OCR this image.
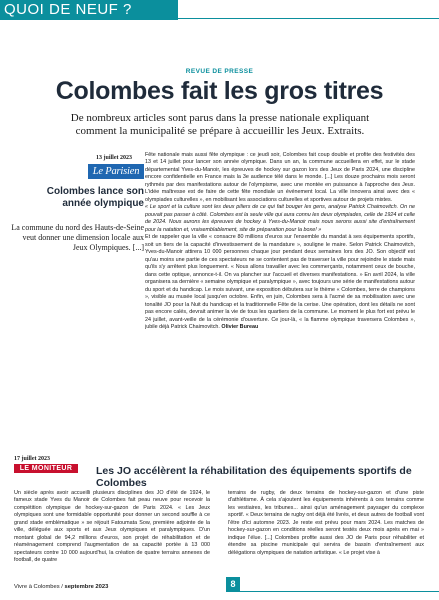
QUOI DE NEUF ?
REVUE DE PRESSE
Colombes fait les gros titres
De nombreux articles sont parus dans la presse nationale expliquant comment la municipalité se prépare à accueillir les Jeux. Extraits.
13 juillet 2023
Le Parisien
Colombes lance son année olympique
La commune du nord des Hauts-de-Seine veut donner une dimension locale aux Jeux Olympiques. [...]

Fête nationale mais aussi fête olympique : ce jeudi soir, Colombes fait coup double et profite des festivités des 13 et 14 juillet pour lancer son année olympique. Dans un an, la commune accueillera en effet, sur le stade départemental Yves-du-Manoir, les épreuves de hockey sur gazon lors des Jeux de Paris 2024, une discipline encore confidentielle en France mais la 3e audience télé dans le monde. [...] Les douze prochains mois seront rythmés par des manifestations autour de l'olympisme, avec une montée en puissance à l'approche des Jeux. L'idée maîtresse est de faire de cette fête mondiale un événement local. La ville innovera ainsi avec des « olympiades culturelles », en mobilisant les associations culturelles et sportives autour de projets mixtes.

« Le sport et la culture sont les deux piliers de ce qui fait bouger les gens, analyse Patrick Chaimovitch. On ne pouvait pas passer à côté. Colombes est la seule ville qui aura connu les deux olympiades, celle de 1924 et celle de 2024. Nous aurons les épreuves de hockey à Yves-du-Manoir mais nous serons aussi site d'entraînement pour la natation et, vraisemblablement, site de préparation pour la boxe! »

Et de rappeler que la ville « consacre 80 millions d'euros sur l'ensemble du mandat à ses équipements sportifs, soit un tiers de la capacité d'investissement de la mandature », souligne le maire. Selon Patrick Chaimovitch, Yves-du-Manoir attirera 10 000 personnes chaque jour pendant deux semaines lors des JO. Son objectif est qu'au moins une partie de ces spectateurs ne se contentent pas de traverser la ville pour rejoindre le stade mais qu'ils s'y arrêtent plus longuement. « Nous allons travailler avec les commerçants, notamment ceux de bouche, dans cette optique, annonce-t-il. On va plancher sur l'accueil et diverses manifestations. » En avril 2024, la ville organisera sa dernière « semaine olympique et paralympique », avec toujours une série de manifestations autour du sport et du handicap. Le mois suivant, une exposition débutera sur le thème « Colombes, terre de champions », visible au musée local jusqu'en octobre. Enfin, en juin, Colombes sera à l'acmé de sa mobilisation avec une tonalité JO pour la Nuit du handicap et la traditionnelle Fête de la cerise. Une opération, dont les détails ne sont pas encore calés, devrait animer la vie de tous les quartiers de la commune. Le moment le plus fort est prévu le 24 juillet, avant-veille de la cérémonie d'ouverture. Ce jour-là, « la flamme olympique traversera Colombes », jubile déjà Patrick Chaimovitch. Olivier Bureau

17 juillet 2023
LE MONITEUR	Les JO accélèrent la réhabilitation des équipements sportifs de Colombes

Un siècle après avoir accueilli plusieurs disciplines des JO d'été de 1924, le fameux stade Yves du Manoir de Colombes fait peau neuve pour recevoir la compétition olympique de hockey-sur-gazon de Paris 2024. « Les Jeux olympiques sont une formidable opportunité pour donner un second souffle à ce grand stade emblématique » se réjouit Fatoumata Sow, première adjointe de la ville, déléguée aux sports et aux Jeux olympiques et paralympiques. D'un montant global de 94,2 millions d'euros, son projet de réhabilitation et de réaménagement comprend l'augmentation de sa capacité portée à 13 000 spectateurs contre 10 000 aujourd'hui, la création de quatre terrains annexes de football, de quatre

terrains de rugby, de deux terrains de hockey-sur-gazon et d'une piste d'athlétisme. À cela s'ajoutent les équipements inhérents à ces terrains comme les vestiaires, les tribunes... ainsi qu'un aménagement paysager du complexe sportif. « Deux terrains de rugby ont déjà été livrés, et deux autres de football vont l'être d'ici automne 2023. Je reste est prévu pour mars 2024. Les matches de hockey-sur-gazon en conditions réelles seront testés deux mois après en mai » indique l'élue. [...] Colombes profite aussi des JO de Paris pour réhabiliter et étendre sa piscine municipale qui servira de bassin d'entraînement aux délégations olympiques de natation artistique. « Le projet vise à

Vivre à Colombes / septembre 2023	8
